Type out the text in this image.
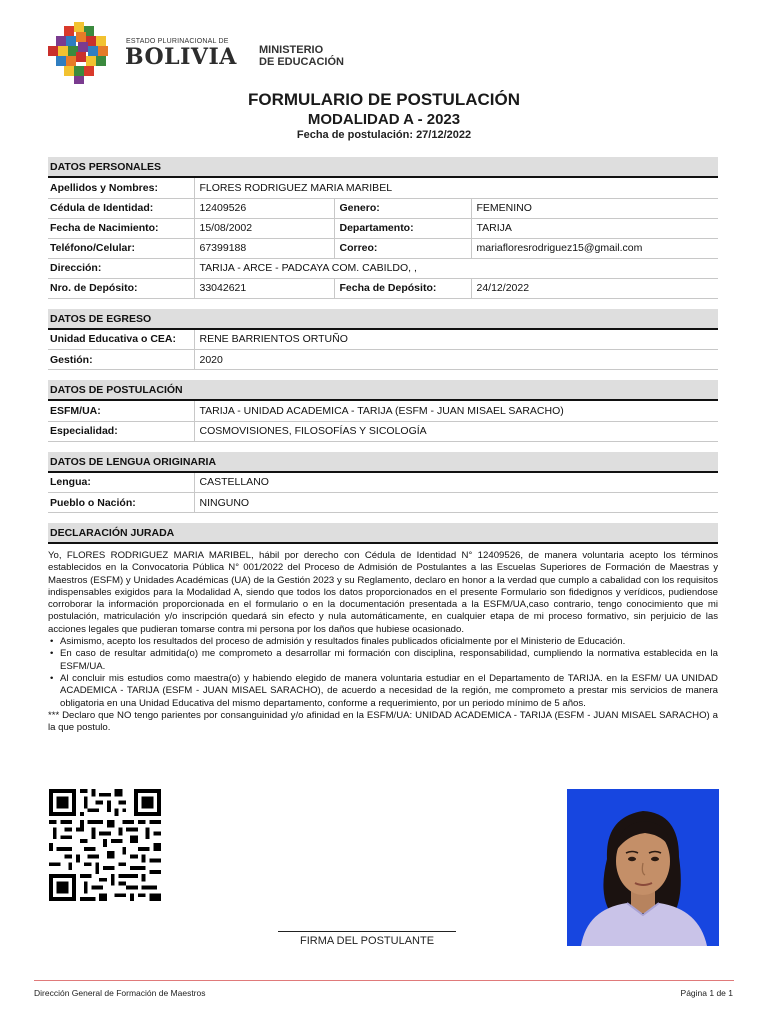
ESTADO PLURINACIONAL DE
BOLIVIA MINISTERIO
DE EDUCACIÓN
FORMULARIO DE POSTULACIÓN
MODALIDAD A - 2023
Fecha de postulación: 27/12/2022
DATOS PERSONALES
Apellidos y Nombres:	FLORES RODRIGUEZ MARIA MARIBEL		
Cédula de Identidad:	12409526	Genero:	FEMENINO
Fecha de Nacimiento:	15/08/2002	Departamento:	TARIJA
Teléfono/Celular:	67399188	Correo:	mariafloresrodriguez15@gmail.com
Dirección:	TARIJA - ARCE - PADCAYA COM. CABILDO, ,		
Nro. de Depósito:	33042621	Fecha de Depósito:	24/12/2022
DATOS DE EGRESO
Unidad Educativa o CEA:	RENE BARRIENTOS ORTUÑO
Gestión:	2020
DATOS DE POSTULACIÓN
ESFM/UA:	TARIJA - UNIDAD ACADEMICA - TARIJA (ESFM - JUAN MISAEL SARACHO)
Especialidad:	COSMOVISIONES, FILOSOFÍAS Y SICOLOGÍA
DATOS DE LENGUA ORIGINARIA
Lengua:	CASTELLANO
Pueblo o Nación:	NINGUNO
DECLARACIÓN JURADA

Yo, FLORES RODRIGUEZ MARIA MARIBEL, hábil por derecho con Cédula de Identidad N° 12409526, de manera voluntaria acepto los términos establecidos en la Convocatoria Pública N° 001/2022 del Proceso de Admisión de Postulantes a las Escuelas Superiores de Formación de Maestras y Maestros (ESFM) y Unidades Académicas (UA) de la Gestión 2023 y su Reglamento, declaro en honor a la verdad que cumplo a cabalidad con los requisitos indispensables exigidos para la Modalidad A, siendo que todos los datos proporcionados en el presente Formulario son fidedignos y verídicos, pudiendose corroborar la información proporcionada en el formulario o en la documentación presentada a la ESFM/UA,caso contrario, tengo conocimiento que mi postulación, matriculación y/o inscripción quedará sin efecto y nula automáticamente, en cualquier etapa de mi proceso formativo, sin perjuicio de las acciones legales que pudieran tomarse contra mi persona por los daños que hubiese ocasionado.

• Asimismo, acepto los resultados del proceso de admisión y resultados finales publicados oficialmente por el Ministerio de Educación.
• En caso de resultar admitida(o) me comprometo a desarrollar mi formación con disciplina, responsabilidad, cumpliendo la normativa establecida en la ESFM/UA.
• Al concluir mis estudios como maestra(o) y habiendo elegido de manera voluntaria estudiar en el Departamento de TARIJA. en la ESFM/ UA UNIDAD ACADEMICA - TARIJA (ESFM - JUAN MISAEL SARACHO), de acuerdo a necesidad de la región, me comprometo a prestar mis servicios de manera obligatoria en una Unidad Educativa del mismo departamento, conforme a requerimiento, por un periodo mínimo de 5 años.

*** Declaro que NO tengo parientes por consanguinidad y/o afinidad en la ESFM/UA: UNIDAD ACADEMICA - TARIJA (ESFM - JUAN MISAEL SARACHO) a la que postulo.

FIRMA DEL POSTULANTE
Dirección General de Formación de Maestros	Página 1 de 1
